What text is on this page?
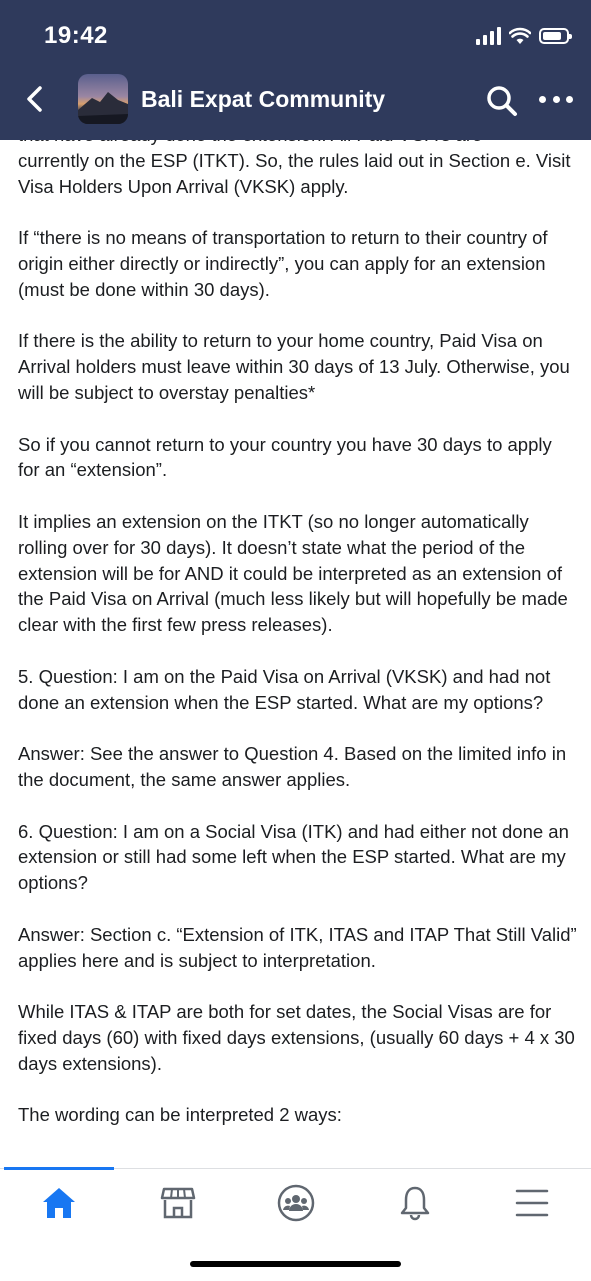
19:42
Bali Expat Community

currently on the ESP (ITKT). So, the rules laid out in Section e. Visit Visa Holders Upon Arrival (VKSK) apply.

If “there is no means of transportation to return to their country of origin either directly or indirectly”, you can apply for an extension (must be done within 30 days).

If there is the ability to return to your home country, Paid Visa on Arrival holders must leave within 30 days of 13 July. Otherwise, you will be subject to overstay penalties*

So if you cannot return to your country you have 30 days to apply for an “extension”.

It implies an extension on the ITKT (so no longer automatically rolling over for 30 days). It doesn’t state what the period of the extension will be for AND it could be interpreted as an extension of the Paid Visa on Arrival (much less likely but will hopefully be made clear with the first few press releases).

5. Question: I am on the Paid Visa on Arrival (VKSK) and had not done an extension when the ESP started. What are my options?

Answer: See the answer to Question 4. Based on the limited info in the document, the same answer applies.

6. Question: I am on a Social Visa (ITK) and had either not done an extension or still had some left when the ESP started. What are my options?

Answer: Section c. “Extension of ITK, ITAS and ITAP That Still Valid” applies here and is subject to interpretation.

While ITAS & ITAP are both for set dates, the Social Visas are for fixed days (60) with fixed days extensions, (usually 60 days + 4 x 30 days extensions).

The wording can be interpreted 2 ways:
